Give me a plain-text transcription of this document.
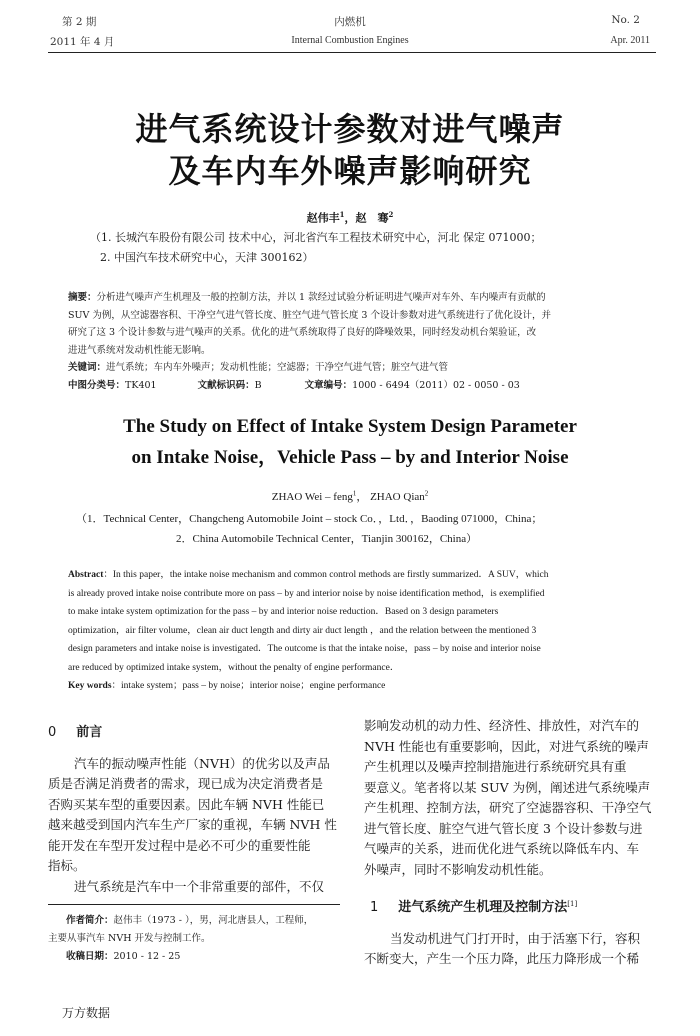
第 2 期	内燃机	No. 2
2011 年 4 月	Internal Combustion Engines	Apr. 2011
进气系统设计参数对进气噪声
及车内车外噪声影响研究
赵伟丰$^1$，赵　骞$^2$
（1. 长城汽车股份有限公司 技术中心，河北省汽车工程技术研究中心，河北 保定 071000；
2. 中国汽车技术研究中心，天津 300162）
摘要：分析进气噪声产生机理及一般的控制方法，并以 1 款经过试验分析证明进气噪声对车外、车内噪声有贡献的
SUV 为例，从空滤器容积、干净空气进气管长度、脏空气进气管长度 3 个设计参数对进气系统进行了优化设计，并
研究了这 3 个设计参数与进气噪声的关系。优化的进气系统取得了良好的降噪效果，同时经发动机台架验证，改
进进气系统对发动机性能无影响。
关键词：进气系统；车内车外噪声；发动机性能；空滤器；干净空气进气管；脏空气进气管
中图分类号：TK401	文献标识码：B	文章编号：1000 - 6494（2011）02 - 0050 - 03
The Study on Effect of Intake System Design Parameter
on Intake Noise，Vehicle Pass – by and Interior Noise
ZHAO Wei – feng$^1$， ZHAO Qian$^2$
（1．Technical Center，Changcheng Automobile Joint – stock Co．，Ltd．，Baoding 071000，China；
2．China Automobile Technical Center，Tianjin 300162，China）
Abstract：In this paper，the intake noise mechanism and common control methods are firstly summarized．A SUV，which
is already proved intake noise contribute more on pass – by and interior noise by noise identification method，is exemplified
to make intake system optimization for the pass – by and interior noise reduction．Based on 3 design parameters
optimization，air filter volume，clean air duct length and dirty air duct length ，and the relation between the mentioned 3
design parameters and intake noise is investigated．The outcome is that the intake noise，pass – by noise and interior noise
are reduced by optimized intake system，without the penalty of engine performance．
Key words：intake system；pass – by noise；interior noise；engine performance
0 前言
汽车的振动噪声性能（NVH）的优劣以及声品
质是否满足消费者的需求，现已成为决定消费者是
否购买某车型的重要因素。因此车辆 NVH 性能已
越来越受到国内汽车生产厂家的重视，车辆 NVH 性
能开发在车型开发过程中是必不可少的重要性能
指标。
进气系统是汽车中一个非常重要的部件，不仅
作者简介：赵伟丰（1973 - ），男，河北唐县人，工程师，
主要从事汽车 NVH 开发与控制工作。
收稿日期：2010 - 12 - 25
影响发动机的动力性、经济性、排放性，对汽车的
NVH 性能也有重要影响，因此，对进气系统的噪声
产生机理以及噪声控制措施进行系统研究具有重
要意义。笔者将以某 SUV 为例，阐述进气系统噪声
产生机理、控制方法，研究了空滤器容积、干净空气
进气管长度、脏空气进气管长度 3 个设计参数与进
气噪声的关系，进而优化进气系统以降低车内、车
外噪声，同时不影响发动机性能。
1 进气系统产生机理及控制方法[1]
当发动机进气门打开时，由于活塞下行，容积
不断变大，产生一个压力降，此压力降形成一个稀
万方数据
